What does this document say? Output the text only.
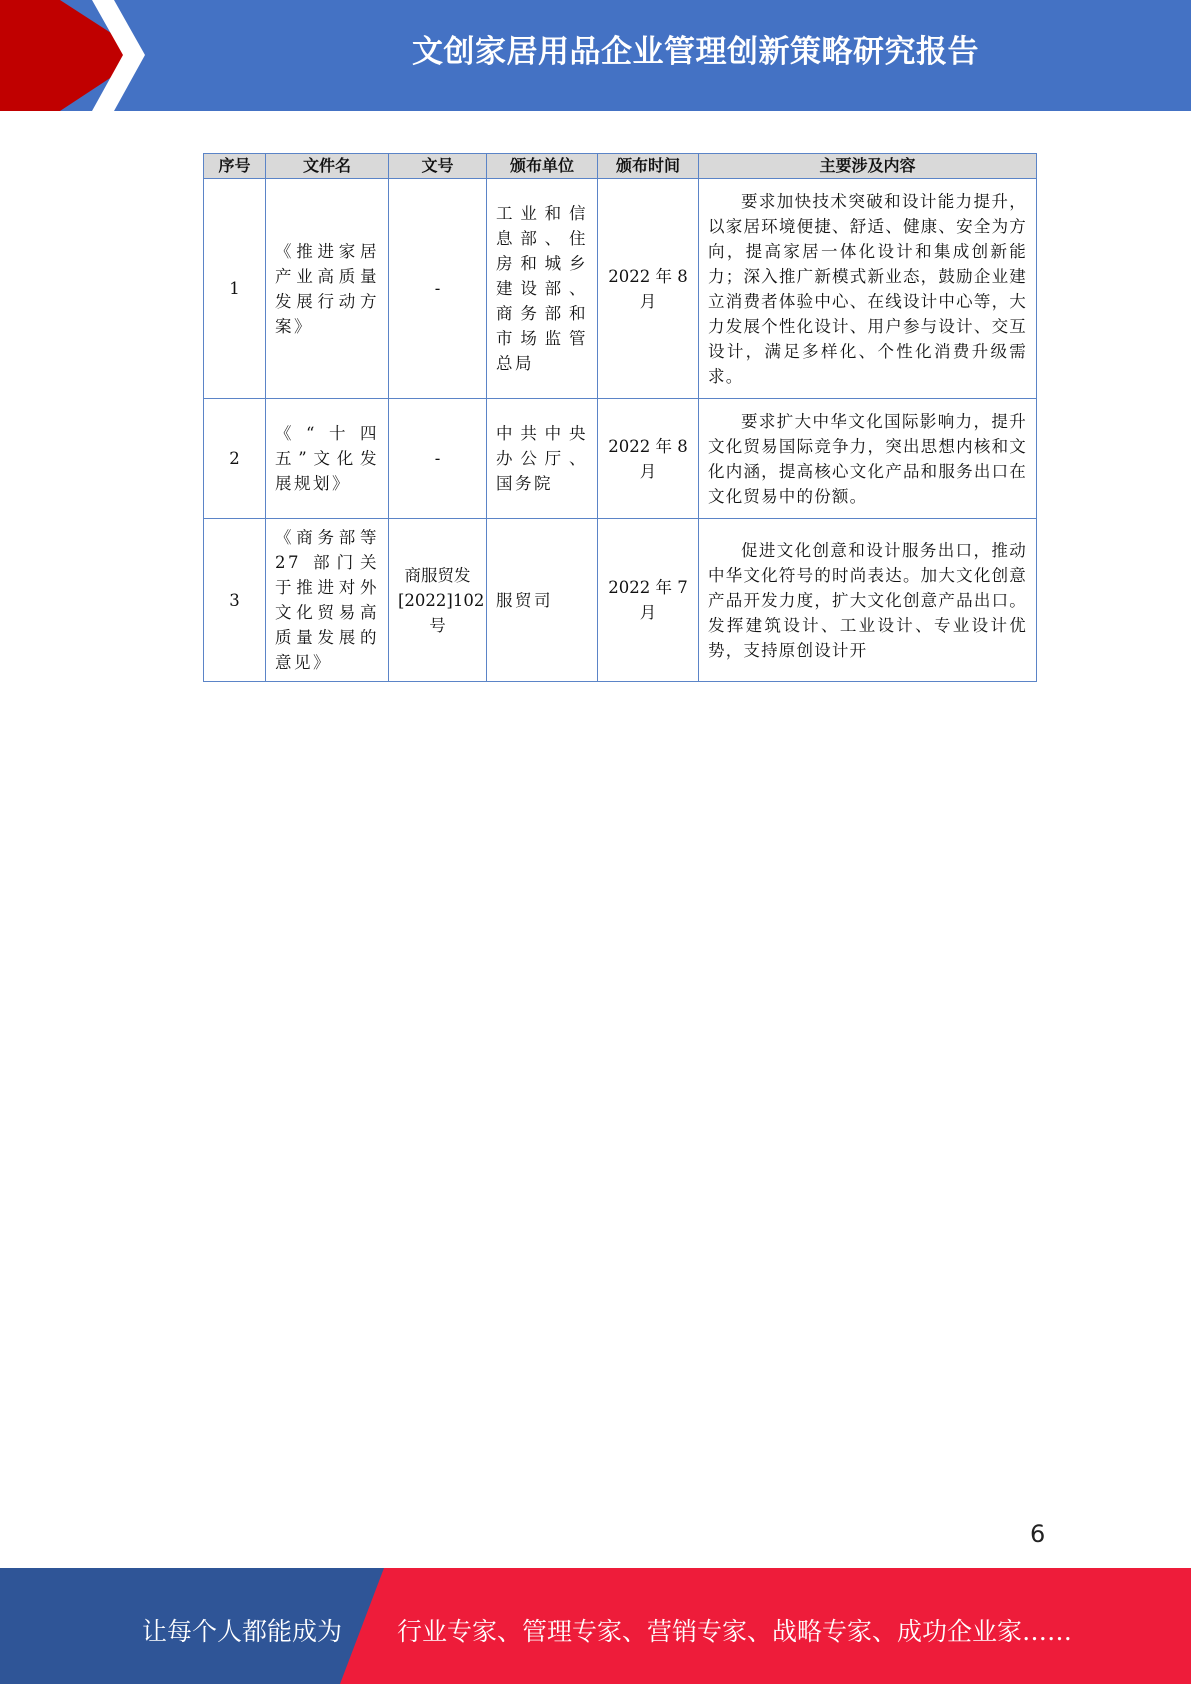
文创家居用品企业管理创新策略研究报告
序号	文件名	文号	颁布单位	颁布时间	主要涉及内容
1	《推进家居产业高质量发展行动方案》	-	工业和信息部、住房和城乡建设部、商务部和市场监管总局	2022 年 8 月	要求加快技术突破和设计能力提升，以家居环境便捷、舒适、健康、安全为方向，提高家居一体化设计和集成创新能力；深入推广新模式新业态，鼓励企业建立消费者体验中心、在线设计中心等，大力发展个性化设计、用户参与设计、交互设计，满足多样化、个性化消费升级需求。
2	《“十四五”文化发展规划》	-	中共中央办公厅、国务院	2022 年 8 月	要求扩大中华文化国际影响力，提升文化贸易国际竞争力，突出思想内核和文化内涵，提高核心文化产品和服务出口在文化贸易中的份额。
3	《商务部等 27 部门关于推进对外文化贸易高质量发展的意见》	商服贸发[2022]102 号	服贸司	2022 年 7 月	促进文化创意和设计服务出口，推动中华文化符号的时尚表达。加大文化创意产品开发力度，扩大文化创意产品出口。发挥建筑设计、工业设计、专业设计优势，支持原创设计开
6
让每个人都能成为 行业专家、管理专家、营销专家、战略专家、成功企业家……
